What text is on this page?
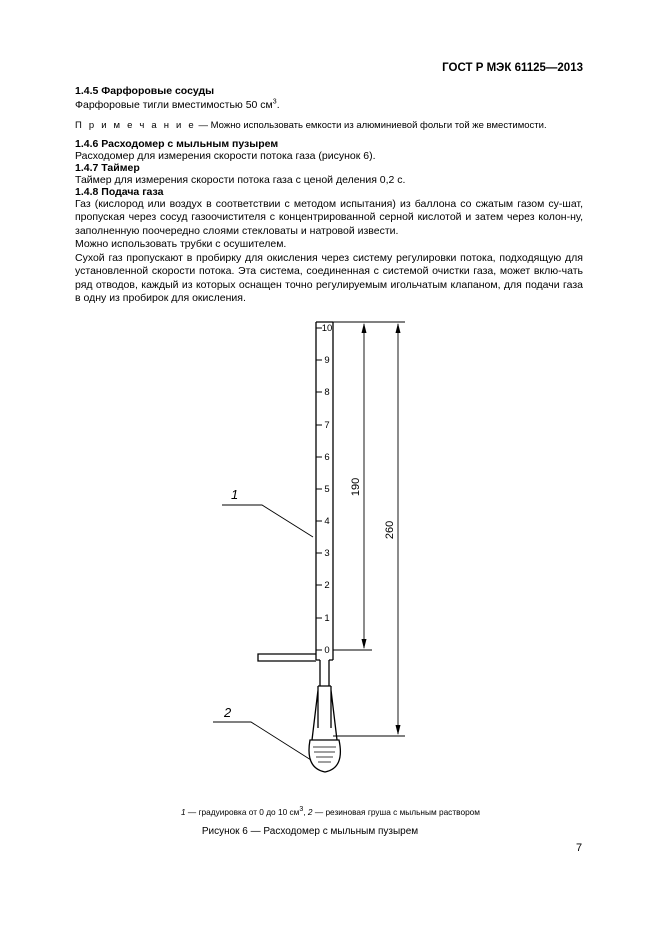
ГОСТ Р МЭК 61125—2013
1.4.5 Фарфоровые сосуды
Фарфоровые тигли вместимостью 50 $см^3$.
П р и м е ч а н и е — Можно использовать емкости из алюминиевой фольги той же вместимости.
1.4.6 Расходомер с мыльным пузырем
Расходомер для измерения скорости потока газа (рисунок 6).
1.4.7 Таймер
Таймер для измерения скорости потока газа с ценой деления 0,2 с.
1.4.8 Подача газа
Газ (кислород или воздух в соответствии с методом испытания) из баллона со сжатым газом су-шат, пропуская через сосуд газоочистителя с концентрированной серной кислотой и затем через колон-ну, заполненную поочередно слоями стекловаты и натровой извести.
Можно использовать трубки с осушителем.
Сухой газ пропускают в пробирку для окисления через систему регулировки потока, подходящую для установленной скорости потока. Эта система, соединенная с системой очистки газа, может вклю-чать ряд отводов, каждый из которых оснащен точно регулируемым игольчатым клапаном, для подачи газа в одну из пробирок для окисления.
10
9
8
7
6
5
4
3
2
1
0
190
260
1
2
1 — градуировка от 0 до 10 $см^3$, 2 — резиновая груша с мыльным раствором
Рисунок 6 — Расходомер с мыльным пузырем
7
